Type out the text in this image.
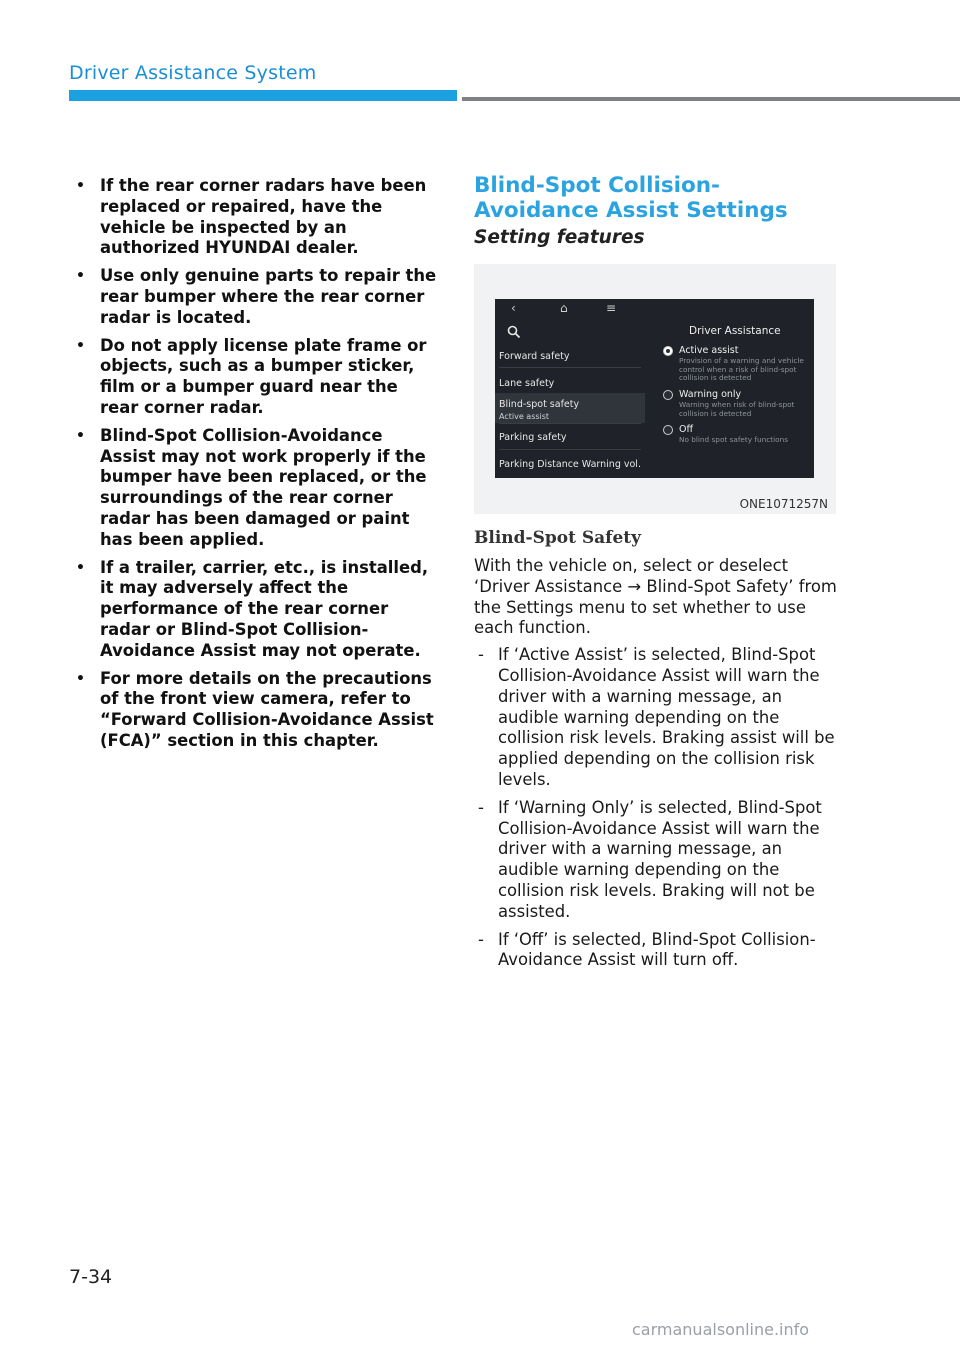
Driver Assistance System
• If the rear corner radars have been replaced or repaired, have the vehicle be inspected by an authorized HYUNDAI dealer.
• Use only genuine parts to repair the rear bumper where the rear corner radar is located.
• Do not apply license plate frame or objects, such as a bumper sticker, film or a bumper guard near the rear corner radar.
• Blind-Spot Collision-Avoidance Assist may not work properly if the bumper have been replaced, or the surroundings of the rear corner radar has been damaged or paint has been applied.
• If a trailer, carrier, etc., is installed, it may adversely affect the performance of the rear corner radar or Blind-Spot Collision-Avoidance Assist may not operate.
• For more details on the precautions of the front view camera, refer to “Forward Collision-Avoidance Assist (FCA)” section in this chapter.
Blind-Spot Collision-Avoidance Assist Settings
Setting features
‹	⌂	≡
Driver Assistance
Forward safety
Lane safety
Blind-spot safety
Active assist
Parking safety
Parking Distance Warning vol.
Active assist
Provision of a warning and vehicle control when a risk of blind-spot collision is detected
Warning only
Warning when risk of blind-spot collision is detected
Off
No blind spot safety functions
ONE1071257N
Blind-Spot Safety

With the vehicle on, select or deselect ‘Driver Assistance → Blind-Spot Safety’ from the Settings menu to set whether to use each function.

- If ‘Active Assist’ is selected, Blind-Spot Collision-Avoidance Assist will warn the driver with a warning message, an audible warning depending on the collision risk levels. Braking assist will be applied depending on the collision risk levels.
- If ‘Warning Only’ is selected, Blind-Spot Collision-Avoidance Assist will warn the driver with a warning message, an audible warning depending on the collision risk levels. Braking will not be assisted.
- If ‘Off’ is selected, Blind-Spot Collision-Avoidance Assist will turn off.
7-34
carmanualsonline.info
